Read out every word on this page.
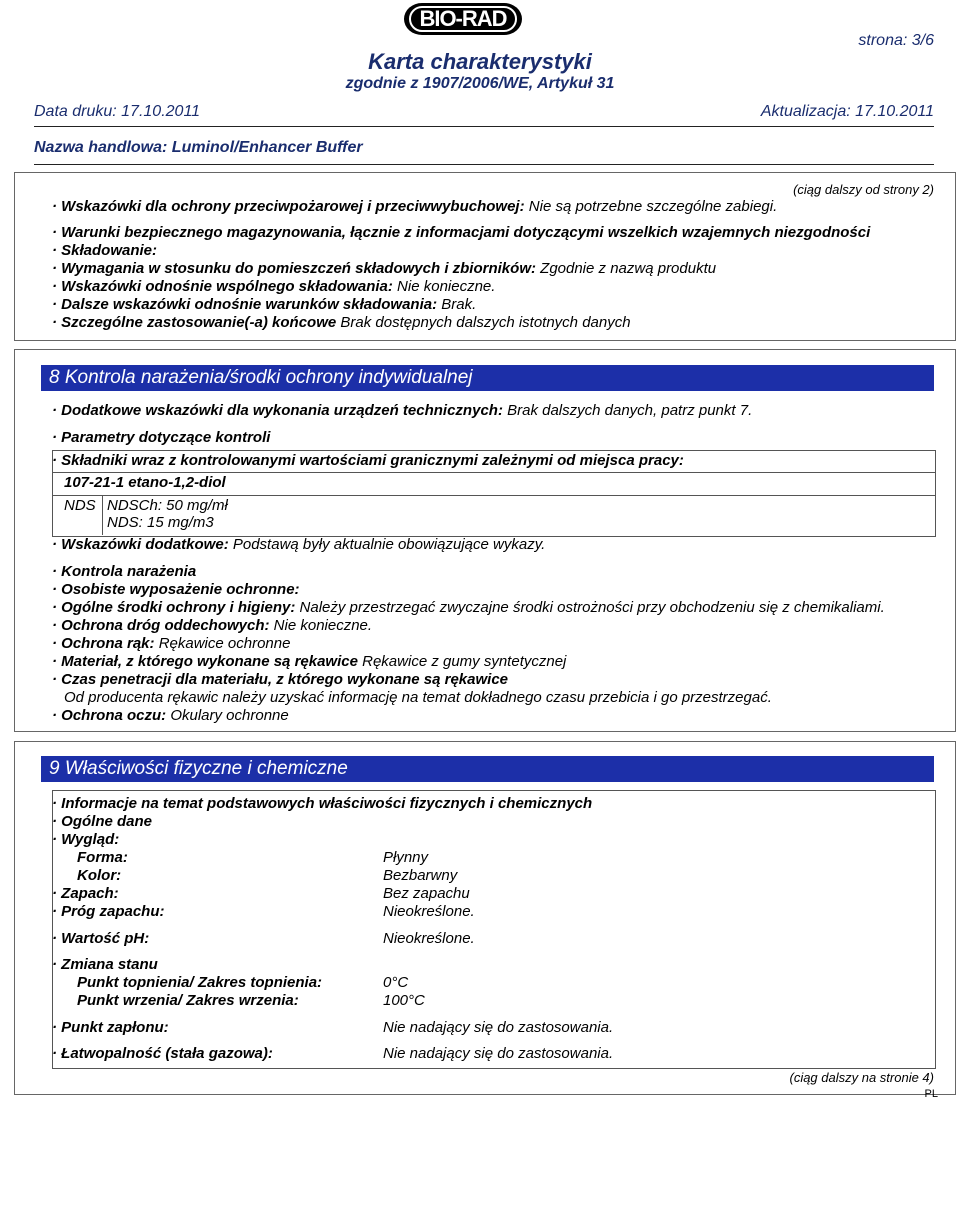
BIO-RAD
strona: 3/6
Karta charakterystyki
zgodnie z 1907/2006/WE, Artykuł 31
Data druku: 17.10.2011	Aktualizacja: 17.10.2011
Nazwa handlowa: Luminol/Enhancer Buffer
(ciąg dalszy od strony 2)
· Wskazówki dla ochrony przeciwpożarowej i przeciwwybuchowej: Nie są potrzebne szczególne zabiegi.
· Warunki bezpiecznego magazynowania, łącznie z informacjami dotyczącymi wszelkich wzajemnych niezgodności
· Składowanie:
· Wymagania w stosunku do pomieszczeń składowych i zbiorników: Zgodnie z nazwą produktu
· Wskazówki odnośnie wspólnego składowania: Nie konieczne.
· Dalsze wskazówki odnośnie warunków składowania: Brak.
· Szczególne zastosowanie(-a) końcowe Brak dostępnych dalszych istotnych danych
8 Kontrola narażenia/środki ochrony indywidualnej
· Dodatkowe wskazówki dla wykonania urządzeń technicznych: Brak dalszych danych, patrz punkt 7.
· Parametry dotyczące kontroli
· Składniki wraz z kontrolowanymi wartościami granicznymi zależnymi od miejsca pracy:
107-21-1 etano-1,2-diol
NDS NDSCh: 50 mg/mł
NDS: 15 mg/m3
· Wskazówki dodatkowe: Podstawą były aktualnie obowiązujące wykazy.
· Kontrola narażenia
· Osobiste wyposażenie ochronne:
· Ogólne środki ochrony i higieny: Należy przestrzegać zwyczajne środki ostrożności przy obchodzeniu się z chemikaliami.
· Ochrona dróg oddechowych: Nie konieczne.
· Ochrona rąk: Rękawice ochronne
· Materiał, z którego wykonane są rękawice Rękawice z gumy syntetycznej
· Czas penetracji dla materiału, z którego wykonane są rękawice
Od producenta rękawic należy uzyskać informację na temat dokładnego czasu przebicia i go przestrzegać.
· Ochrona oczu: Okulary ochronne
9 Właściwości fizyczne i chemiczne
· Informacje na temat podstawowych właściwości fizycznych i chemicznych
· Ogólne dane
· Wygląd:
Forma:	Płynny
Kolor:	Bezbarwny
· Zapach:	Bez zapachu
· Próg zapachu:	Nieokreślone.
· Wartość pH:	Nieokreślone.
· Zmiana stanu
Punkt topnienia/ Zakres topnienia:	0°C
Punkt wrzenia/ Zakres wrzenia:	100°C
· Punkt zapłonu:	Nie nadający się do zastosowania.
· Łatwopalność (stała gazowa):	Nie nadający się do zastosowania.
(ciąg dalszy na stronie 4)
PL
